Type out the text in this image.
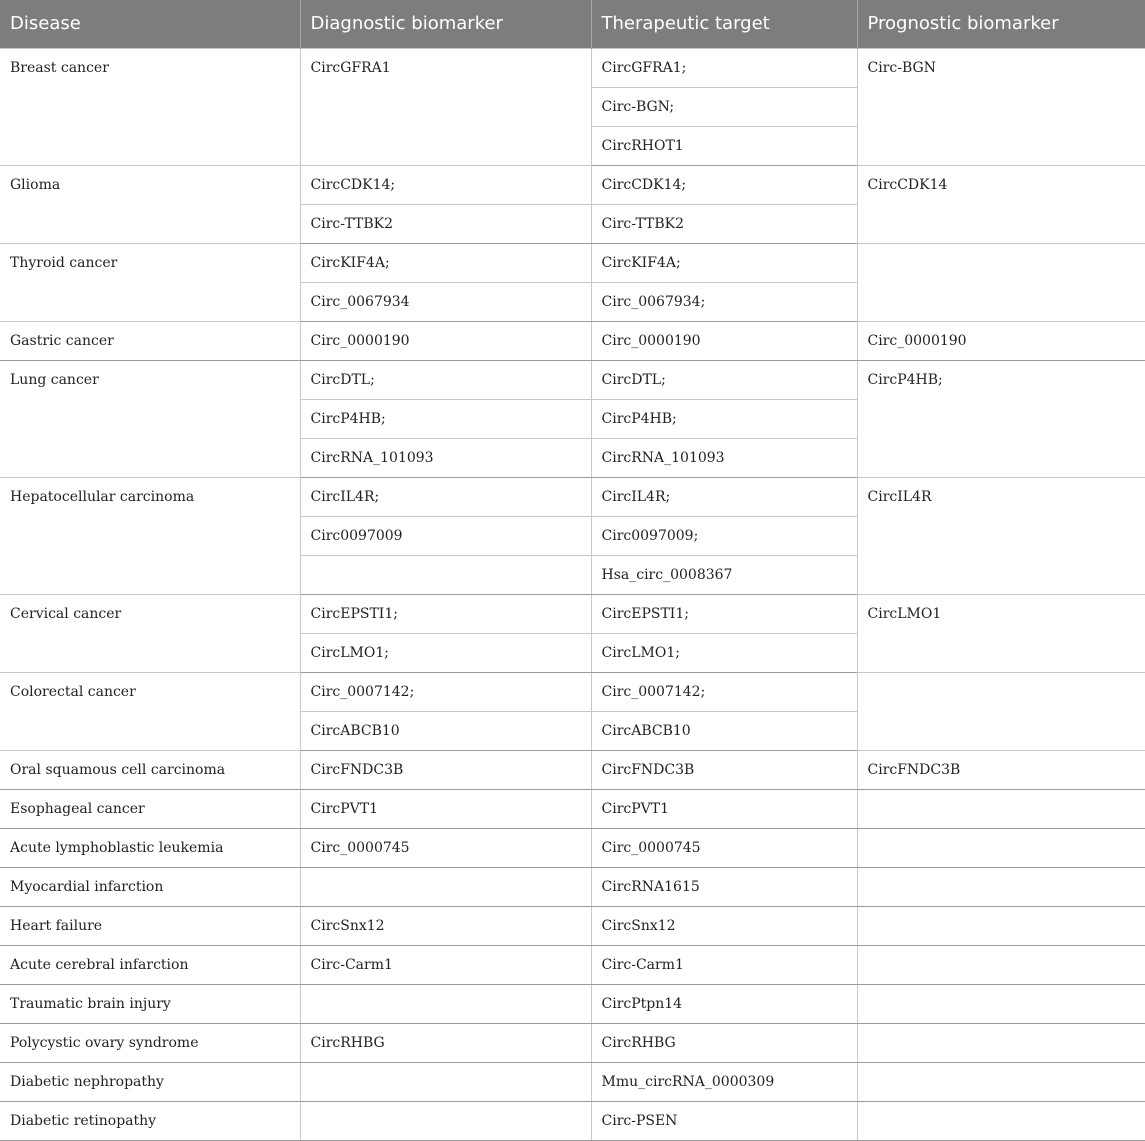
Disease	Diagnostic biomarker	Therapeutic target	Prognostic biomarker
Breast cancer	CircGFRA1	CircGFRA1;	Circ-BGN
		Circ-BGN;	
		CircRHOT1	
Glioma	CircCDK14;	CircCDK14;	CircCDK14
	Circ-TTBK2	Circ-TTBK2	
Thyroid cancer	CircKIF4A;	CircKIF4A;	
	Circ_0067934	Circ_0067934;	
Gastric cancer	Circ_0000190	Circ_0000190	Circ_0000190
Lung cancer	CircDTL;	CircDTL;	CircP4HB;
	CircP4HB;	CircP4HB;	
	CircRNA_101093	CircRNA_101093	
Hepatocellular carcinoma	CircIL4R;	CircIL4R;	CircIL4R
	Circ0097009	Circ0097009;	
		Hsa_circ_0008367	
Cervical cancer	CircEPSTI1;	CircEPSTI1;	CircLMO1
	CircLMO1;	CircLMO1;	
Colorectal cancer	Circ_0007142;	Circ_0007142;	
	CircABCB10	CircABCB10	
Oral squamous cell carcinoma	CircFNDC3B	CircFNDC3B	CircFNDC3B
Esophageal cancer	CircPVT1	CircPVT1	
Acute lymphoblastic leukemia	Circ_0000745	Circ_0000745	
Myocardial infarction		CircRNA1615	
Heart failure	CircSnx12	CircSnx12	
Acute cerebral infarction	Circ-Carm1	Circ-Carm1	
Traumatic brain injury		CircPtpn14	
Polycystic ovary syndrome	CircRHBG	CircRHBG	
Diabetic nephropathy		Mmu_circRNA_0000309	
Diabetic retinopathy		Circ-PSEN	
